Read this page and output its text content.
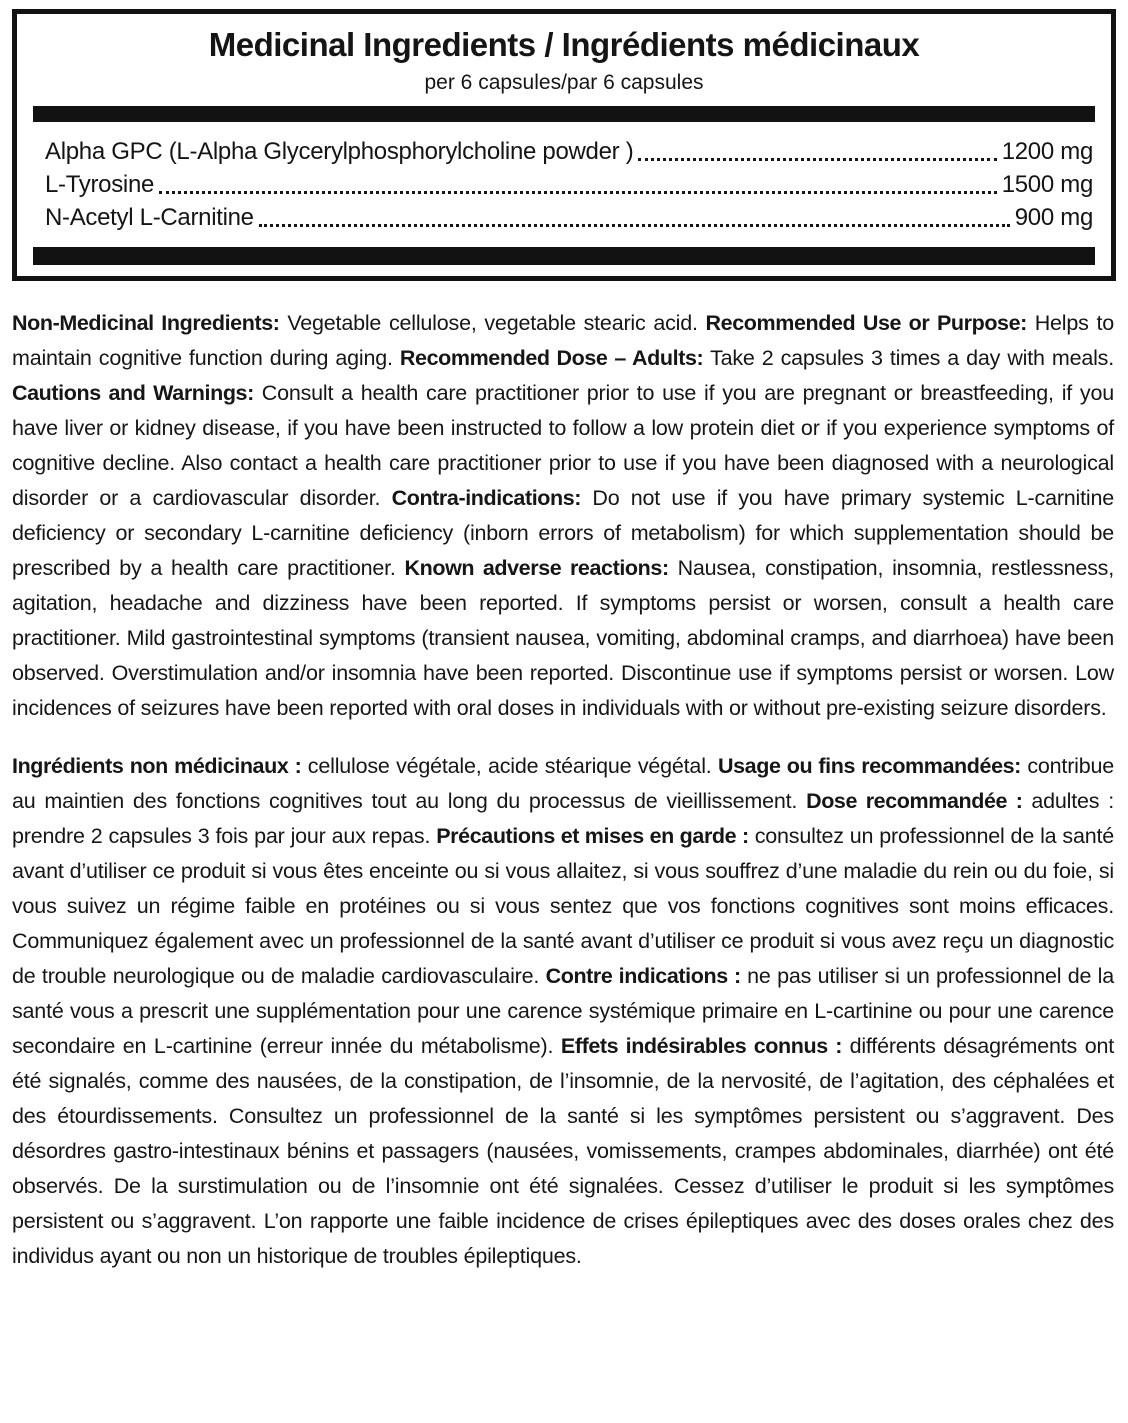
Medicinal Ingredients / Ingrédients médicinaux
per 6 capsules/par 6 capsules
Alpha GPC (L-Alpha Glycerylphosphorylcholine powder )	1200 mg
L-Tyrosine	1500 mg
N-Acetyl L-Carnitine	900 mg

Non-Medicinal Ingredients: Vegetable cellulose, vegetable stearic acid. Recommended Use or Purpose: Helps to maintain cognitive function during aging. Recommended Dose – Adults: Take 2 capsules 3 times a day with meals. Cautions and Warnings: Consult a health care practitioner prior to use if you are pregnant or breastfeeding, if you have liver or kidney disease, if you have been instructed to follow a low protein diet or if you experience symptoms of cognitive decline. Also contact a health care practitioner prior to use if you have been diagnosed with a neurological disorder or a cardiovascular disorder. Contra-indications: Do not use if you have primary systemic L-carnitine deficiency or secondary L-carnitine deficiency (inborn errors of metabolism) for which supplementation should be prescribed by a health care practitioner. Known adverse reactions: Nausea, constipation, insomnia, restlessness, agitation, headache and dizziness have been reported. If symptoms persist or worsen, consult a health care practitioner. Mild gastrointestinal symptoms (transient nausea, vomiting, abdominal cramps, and diarrhoea) have been observed. Overstimulation and/or insomnia have been reported. Discontinue use if symptoms persist or worsen. Low incidences of seizures have been reported with oral doses in individuals with or without pre-existing seizure disorders.

Ingrédients non médicinaux : cellulose végétale, acide stéarique végétal. Usage ou fins recommandées: contribue au maintien des fonctions cognitives tout au long du processus de vieillissement. Dose recommandée : adultes : prendre 2 capsules 3 fois par jour aux repas. Précautions et mises en garde : consultez un professionnel de la santé avant d’utiliser ce produit si vous êtes enceinte ou si vous allaitez, si vous souffrez d’une maladie du rein ou du foie, si vous suivez un régime faible en protéines ou si vous sentez que vos fonctions cognitives sont moins efficaces. Communiquez également avec un professionnel de la santé avant d’utiliser ce produit si vous avez reçu un diagnostic de trouble neurologique ou de maladie cardiovasculaire. Contre indications : ne pas utiliser si un professionnel de la santé vous a prescrit une supplémentation pour une carence systémique primaire en L-cartinine ou pour une carence secondaire en L-cartinine (erreur innée du métabolisme). Effets indésirables connus : différents désagréments ont été signalés, comme des nausées, de la constipation, de l’insomnie, de la nervosité, de l’agitation, des céphalées et des étourdissements. Consultez un professionnel de la santé si les symptômes persistent ou s’aggravent. Des désordres gastro-intestinaux bénins et passagers (nausées, vomissements, crampes abdominales, diarrhée) ont été observés. De la surstimulation ou de l’insomnie ont été signalées. Cessez d’utiliser le produit si les symptômes persistent ou s’aggravent. L’on rapporte une faible incidence de crises épileptiques avec des doses orales chez des individus ayant ou non un historique de troubles épileptiques.
